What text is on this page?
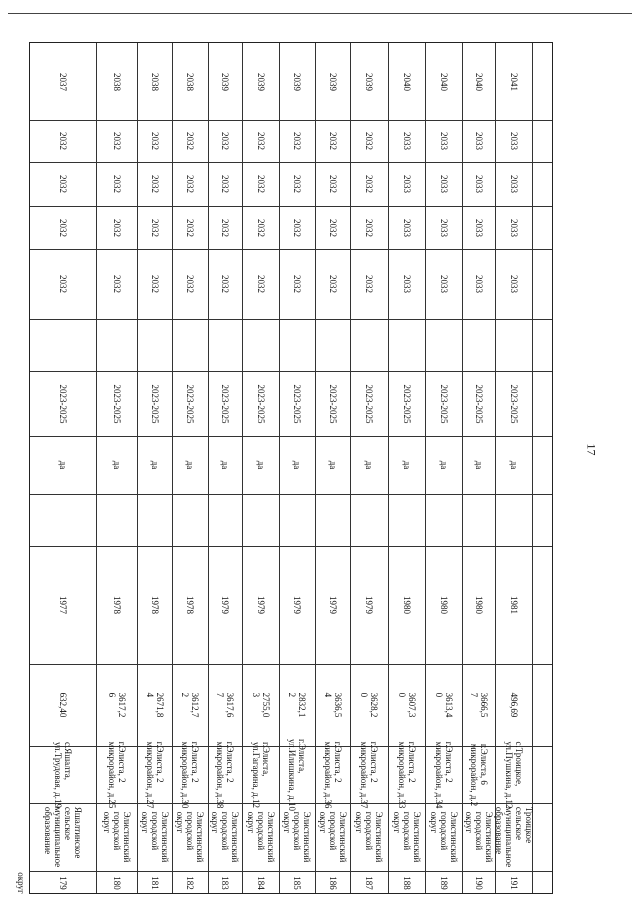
17
2037
2032
2032
2032
2032
2023-2025
да
1977
632,40
с.Яшалта,
ул.Трудовая, д.19
Яшалтинское
сельское
муниципальное
образование
179
2038
2032
2032
2032
2032
2023-2025
да
1978
3617,2
6
г.Элиста, 2
микрорайон, д.25
Элистинский
городской
округ
180
2038
2032
2032
2032
2032
2023-2025
да
1978
2671,8
4
г.Элиста, 2
микрорайон, д.27
Элистинский
городской
округ
181
2038
2032
2032
2032
2032
2023-2025
да
1978
3612,7
2
г.Элиста, 2
микрорайон, д.30
Элистинский
городской
округ
182
2039
2032
2032
2032
2032
2023-2025
да
1979
3617,6
7
г.Элиста, 2
микрорайон, д.38
Элистинский
городской
округ
183
2039
2032
2032
2032
2032
2023-2025
да
1979
2755,0
3
г.Элиста,
ул.Гагарина, д.12
Элистинский
городской
округ
184
2039
2032
2032
2032
2032
2023-2025
да
1979
2832,1
2
г.Элиста,
ул.Илишкина, д.10
Элистинский
городской
округ
185
2039
2032
2032
2032
2032
2023-2025
да
1979
3636,5
4
г.Элиста, 2
микрорайон, д.36
Элистинский
городской
округ
186
2039
2032
2032
2032
2032
2023-2025
да
1979
3628,2
0
г.Элиста, 2
микрорайон, д.37
Элистинский
городской
округ
187
2040
2033
2033
2033
2033
2023-2025
да
1980
3607,3
0
г.Элиста, 2
микрорайон, д.33
Элистинский
городской
округ
188
2040
2033
2033
2033
2033
2023-2025
да
1980
3613,4
0
г.Элиста, 2
микрорайон, д.34
Элистинский
городской
округ
189
2040
2033
2033
2033
2033
2023-2025
да
1980
3666,5
7
г.Элиста, 6
микрорайон, д.2
Элистинский
городской
округ
190
2041
2033
2033
2033
2033
2023-2025
да
1981
496,69
с.Троицкое,
ул.Пушкина, д.12
Троицкое
сельское
муниципальное
образование
191
округ
